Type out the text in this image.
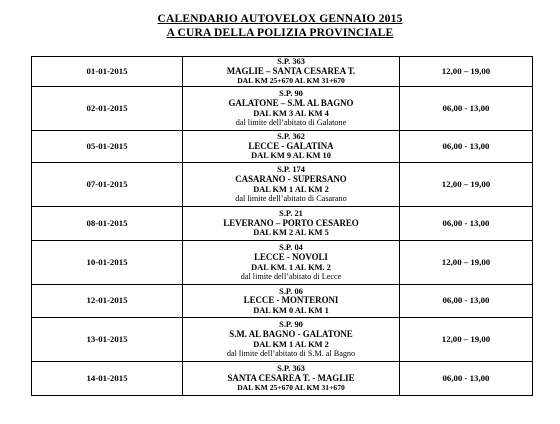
CALENDARIO AUTOVELOX GENNAIO 2015
A CURA DELLA POLIZIA PROVINCIALE
01-01-2015	S.P. 363
MAGLIE – SANTA CESAREA T.
DAL KM 25+670 AL KM 31+670	12,00 – 19,00
02-01-2015	S.P. 90
GALATONE – S.M. AL BAGNO
DAL KM 3 AL KM 4
dal limite dell’abitato di Galatone	06,00 - 13,00
05-01-2015	S.P. 362
LECCE - GALATINA
DAL KM 9 AL KM 10	06,00 - 13,00
07-01-2015	S.P. 174
CASARANO - SUPERSANO
DAL KM 1 AL KM 2
dal limite dell’abitato di Casarano	12,00 – 19,00
08-01-2015	S.P. 21
LEVERANO – PORTO CESAREO
DAL KM 2 AL KM 5	06,00 - 13,00
10-01-2015	S.P. 04
LECCE - NOVOLI
DAL KM. 1 AL KM. 2
dal limite dell’abitato di Lecce	12,00 – 19,00
12-01-2015	S.P. 06
LECCE - MONTERONI
DAL KM 0 AL KM 1	06,00 - 13,00
13-01-2015	S.P. 90
S.M. AL BAGNO - GALATONE
DAL KM 1 AL KM 2
dal limite dell’abitato di S.M. al Bagno	12,00 – 19,00
14-01-2015	S.P. 363
SANTA CESAREA T. - MAGLIE
DAL KM 25+670 AL KM 31+670	06,00 - 13,00
